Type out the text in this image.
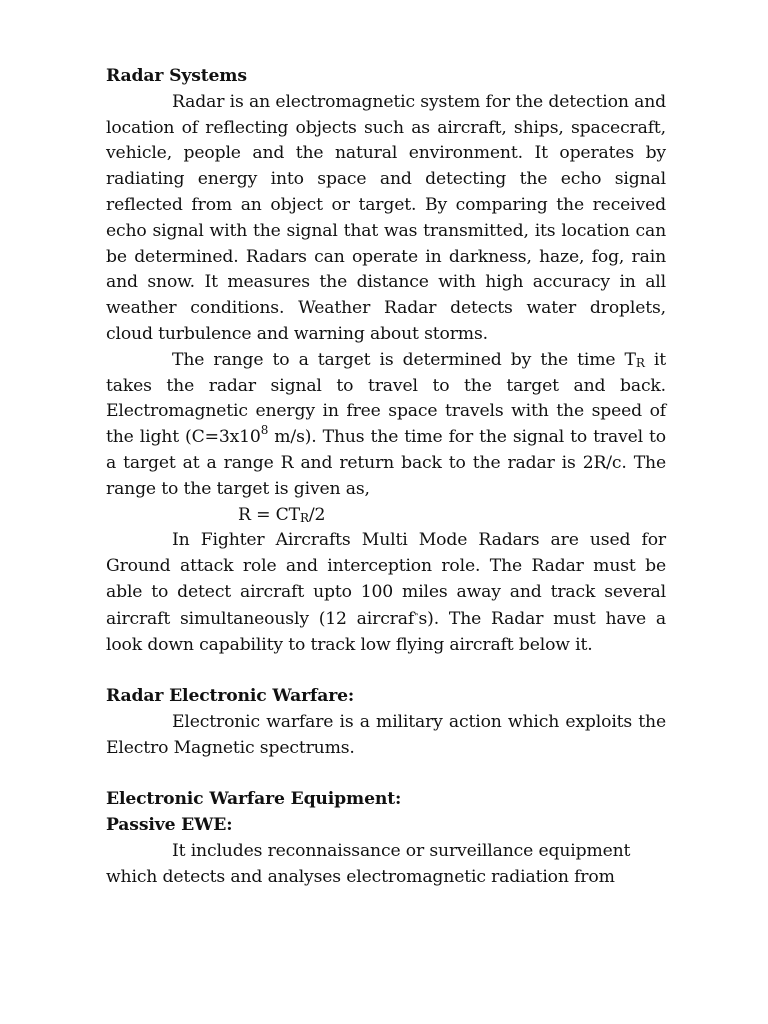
Radar Systems

Radar is an electromagnetic system for the detection and location of reflecting objects such as aircraft, ships, spacecraft, vehicle, people and the natural environment. It operates by radiating energy into space and detecting the echo signal reflected from an object or target. By comparing the received echo signal with the signal that was transmitted, its location can be determined. Radars can operate in darkness, haze, fog, rain and snow. It measures the distance with high accuracy in all weather conditions. Weather Radar detects water droplets, cloud turbulence and warning about storms.

The range to a target is determined by the time $T_R$ it takes the radar signal to travel to the target and back. Electromagnetic energy in free space travels with the speed of the light ($C=3x10^8$ m/s). Thus the time for the signal to travel to a target at a range R and return back to the radar is 2R/c. The range to the target is given as,

$R = CT_R/2$

In Fighter Aircrafts Multi Mode Radars are used for Ground attack role and interception role. The Radar must be able to detect aircraft upto 100 miles away and track several aircraft simultaneously (12 aircraf‟s). The Radar must have a look down capability to track low flying aircraft below it.

Radar Electronic Warfare:

Electronic warfare is a military action which exploits the Electro Magnetic spectrums.

Electronic Warfare Equipment:

Passive EWE:

It includes reconnaissance or surveillance equipment which detects and analyses electromagnetic radiation from
